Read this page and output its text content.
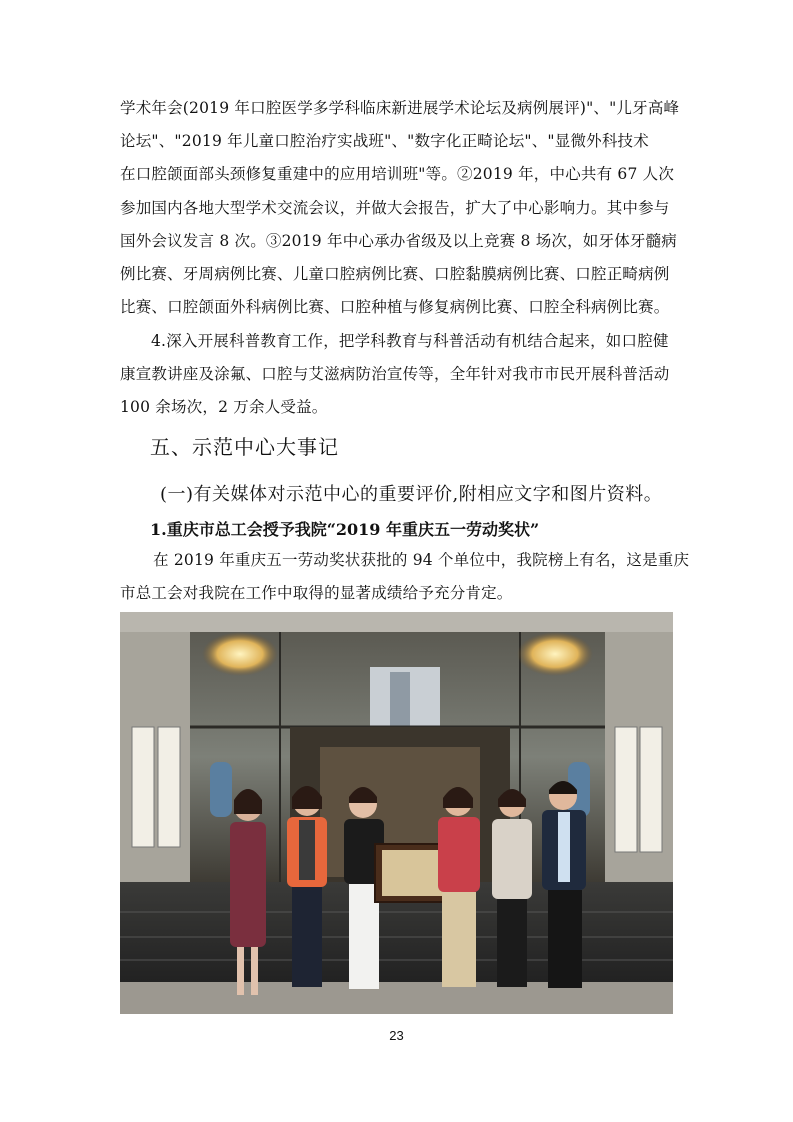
学术年会(2019 年口腔医学多学科临床新进展学术论坛及病例展评)"、"儿牙高峰
论坛"、"2019 年儿童口腔治疗实战班"、"数字化正畸论坛"、"显微外科技术
在口腔颌面部头颈修复重建中的应用培训班"等。②2019 年，中心共有 67 人次
参加国内各地大型学术交流会议，并做大会报告，扩大了中心影响力。其中参与
国外会议发言 8 次。③2019 年中心承办省级及以上竞赛 8 场次，如牙体牙髓病
例比赛、牙周病例比赛、儿童口腔病例比赛、口腔黏膜病例比赛、口腔正畸病例
比赛、口腔颌面外科病例比赛、口腔种植与修复病例比赛、口腔全科病例比赛。
4.深入开展科普教育工作，把学科教育与科普活动有机结合起来，如口腔健
康宣教讲座及涂氟、口腔与艾滋病防治宣传等，全年针对我市市民开展科普活动
100 余场次，2 万余人受益。
五、示范中心大事记
(一)有关媒体对示范中心的重要评价,附相应文字和图片资料。
1.重庆市总工会授予我院“2019 年重庆五一劳动奖状”
在 2019 年重庆五一劳动奖状获批的 94 个单位中，我院榜上有名，这是重庆
市总工会对我院在工作中取得的显著成绩给予充分肯定。
23
